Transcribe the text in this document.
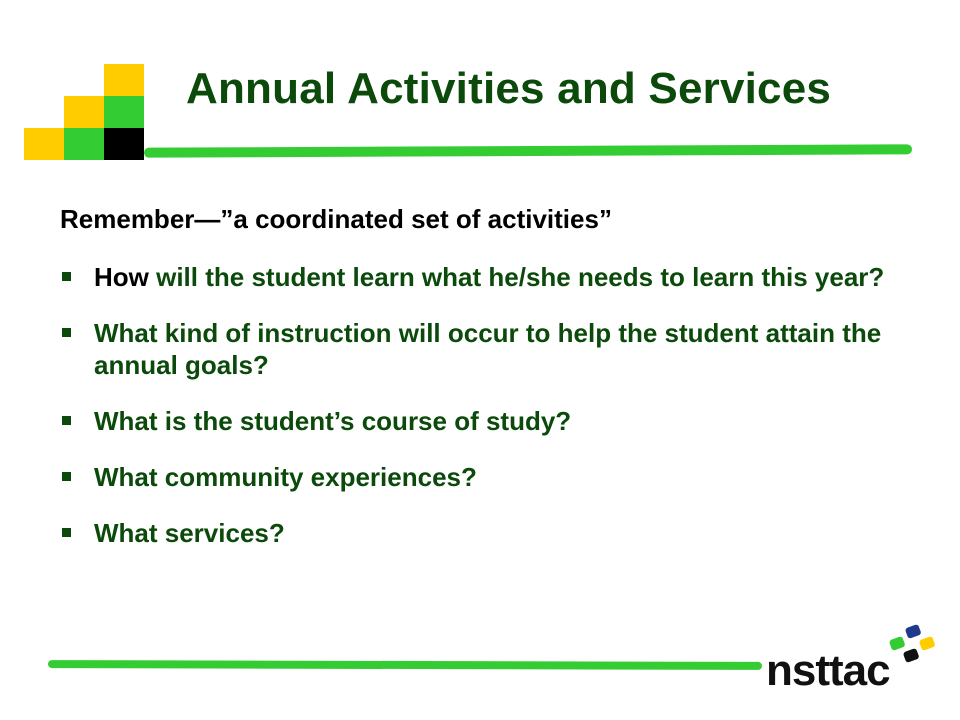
Annual Activities and Services

Remember—”a coordinated set of activities”

How will the student learn what he/she needs to learn this year?
What kind of instruction will occur to help the student attain the annual goals?
What is the student’s course of study?
What community experiences?
What services?
nsttac
